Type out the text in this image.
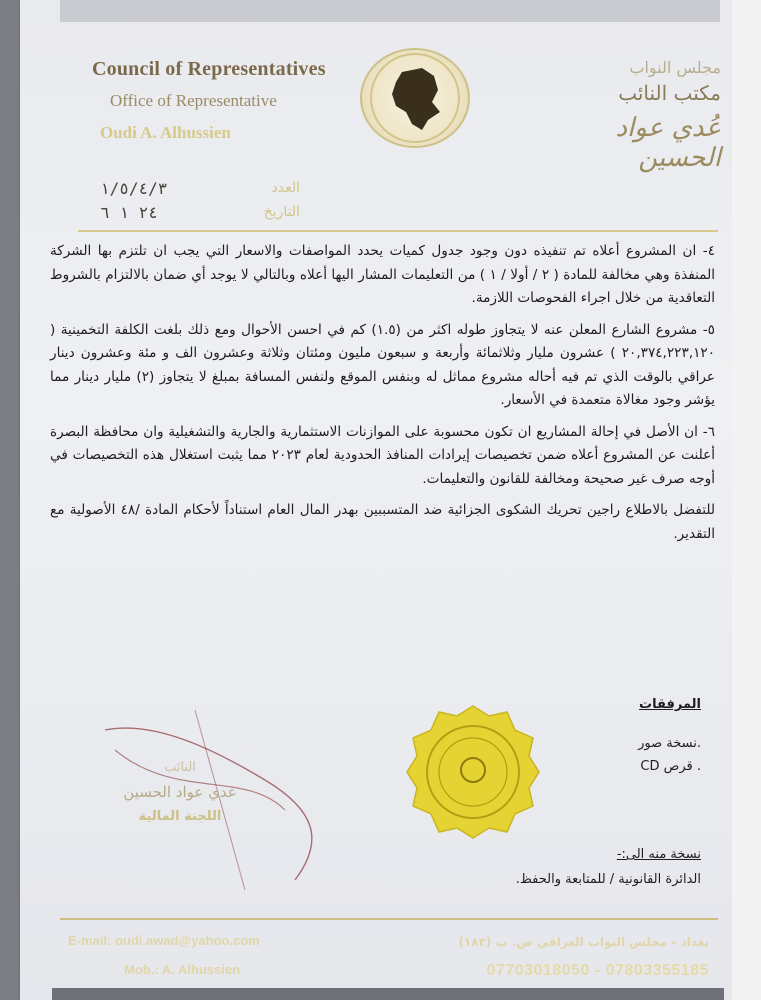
Council of Representatives
Office of Representative
Oudi A. Alhussien
مجلس النواب
مكتب النائب
عُدي عواد الحسين
١/٥/٤/٣	العدد
٢٤ ١ ٦	التاريخ

٤- ان المشروع أعلاه تم تنفيذه دون وجود جدول كميات يحدد المواصفات والاسعار التي يجب ان تلتزم بها الشركة المنفذة وهي مخالفة للمادة ( ٢ / أولا / ١ ) من التعليمات المشار اليها أعلاه وبالتالي لا يوجد أي ضمان بالالتزام بالشروط التعاقدية من خلال اجراء الفحوصات اللازمة.

٥- مشروع الشارع المعلن عنه لا يتجاوز طوله اكثر من (١.٥) كم في احسن الأحوال ومع ذلك بلغت الكلفة التخمينية ( ٢٠,٣٧٤,٢٢٣,١٢٠ ) عشرون مليار وثلاثمائة وأربعة و سبعون مليون ومئتان وثلاثة وعشرون الف و مئة وعشرون دينار عراقي بالوقت الذي تم فيه أحاله مشروع مماثل له وبنفس الموقع ولنفس المسافة بمبلغ لا يتجاوز (٢) مليار دينار مما يؤشر وجود مغالاة متعمدة في الأسعار.

٦- ان الأصل في إحالة المشاريع ان تكون محسوبة على الموازنات الاستثمارية والجارية والتشغيلية وان محافظة البصرة أعلنت عن المشروع أعلاه ضمن تخصيصات إيرادات المنافذ الحدودية لعام ٢٠٢٣ مما يثبت استغلال هذه التخصيصات في أوجه صرف غير صحيحة ومخالفة للقانون والتعليمات.

للتفضل بالاطلاع راجين تحريك الشكوى الجزائية ضد المتسببين بهدر المال العام استناداً لأحكام المادة /٤٨ الأصولية مع التقدير.

النائب
عدي عواد الحسين
اللجنة المالية
المرفقات
.نسخة صور
. قرص CD
نسخة منه الى:-
الدائرة القانونية / للمتابعة والحفظ.
E-mail: oudi.awad@yahoo.com
Mob.: A. Alhussien
بغداد - مجلس النواب العراقي ص. ب (١٨٣)
07703018050 - 07803355185
